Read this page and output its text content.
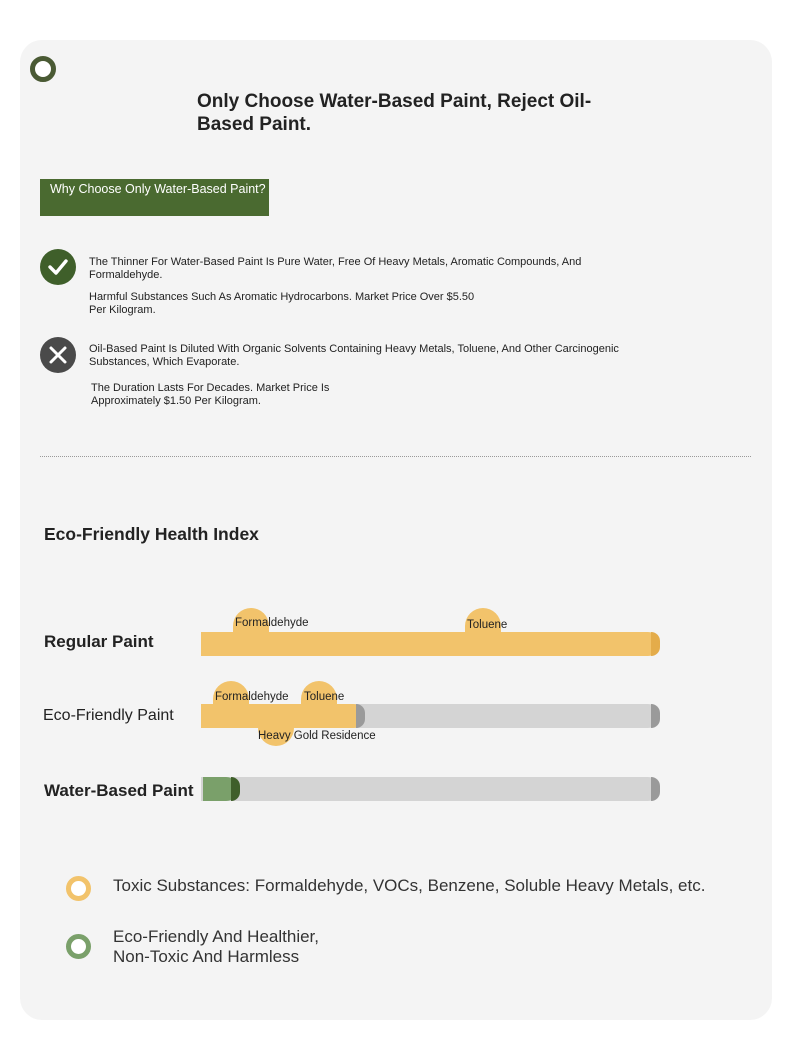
Only Choose Water-Based Paint, Reject Oil-Based Paint.
Why Choose Only Water-Based Paint?
The Thinner For Water-Based Paint Is Pure Water, Free Of Heavy Metals, Aromatic Compounds, And Formaldehyde.
Harmful Substances Such As Aromatic Hydrocarbons. Market Price Over $5.50 Per Kilogram.
Oil-Based Paint Is Diluted With Organic Solvents Containing Heavy Metals, Toluene, And Other Carcinogenic Substances, Which Evaporate.
The Duration Lasts For Decades. Market Price Is Approximately $1.50 Per Kilogram.
Eco-Friendly Health Index
Regular Paint
Formaldehyde	Toluene
Eco-Friendly Paint
Formaldehyde Toluene
Heavy Gold Residence
Water-Based Paint
Toxic Substances: Formaldehyde, VOCs, Benzene, Soluble Heavy Metals, etc.
Eco-Friendly And Healthier,
Non-Toxic And Harmless
